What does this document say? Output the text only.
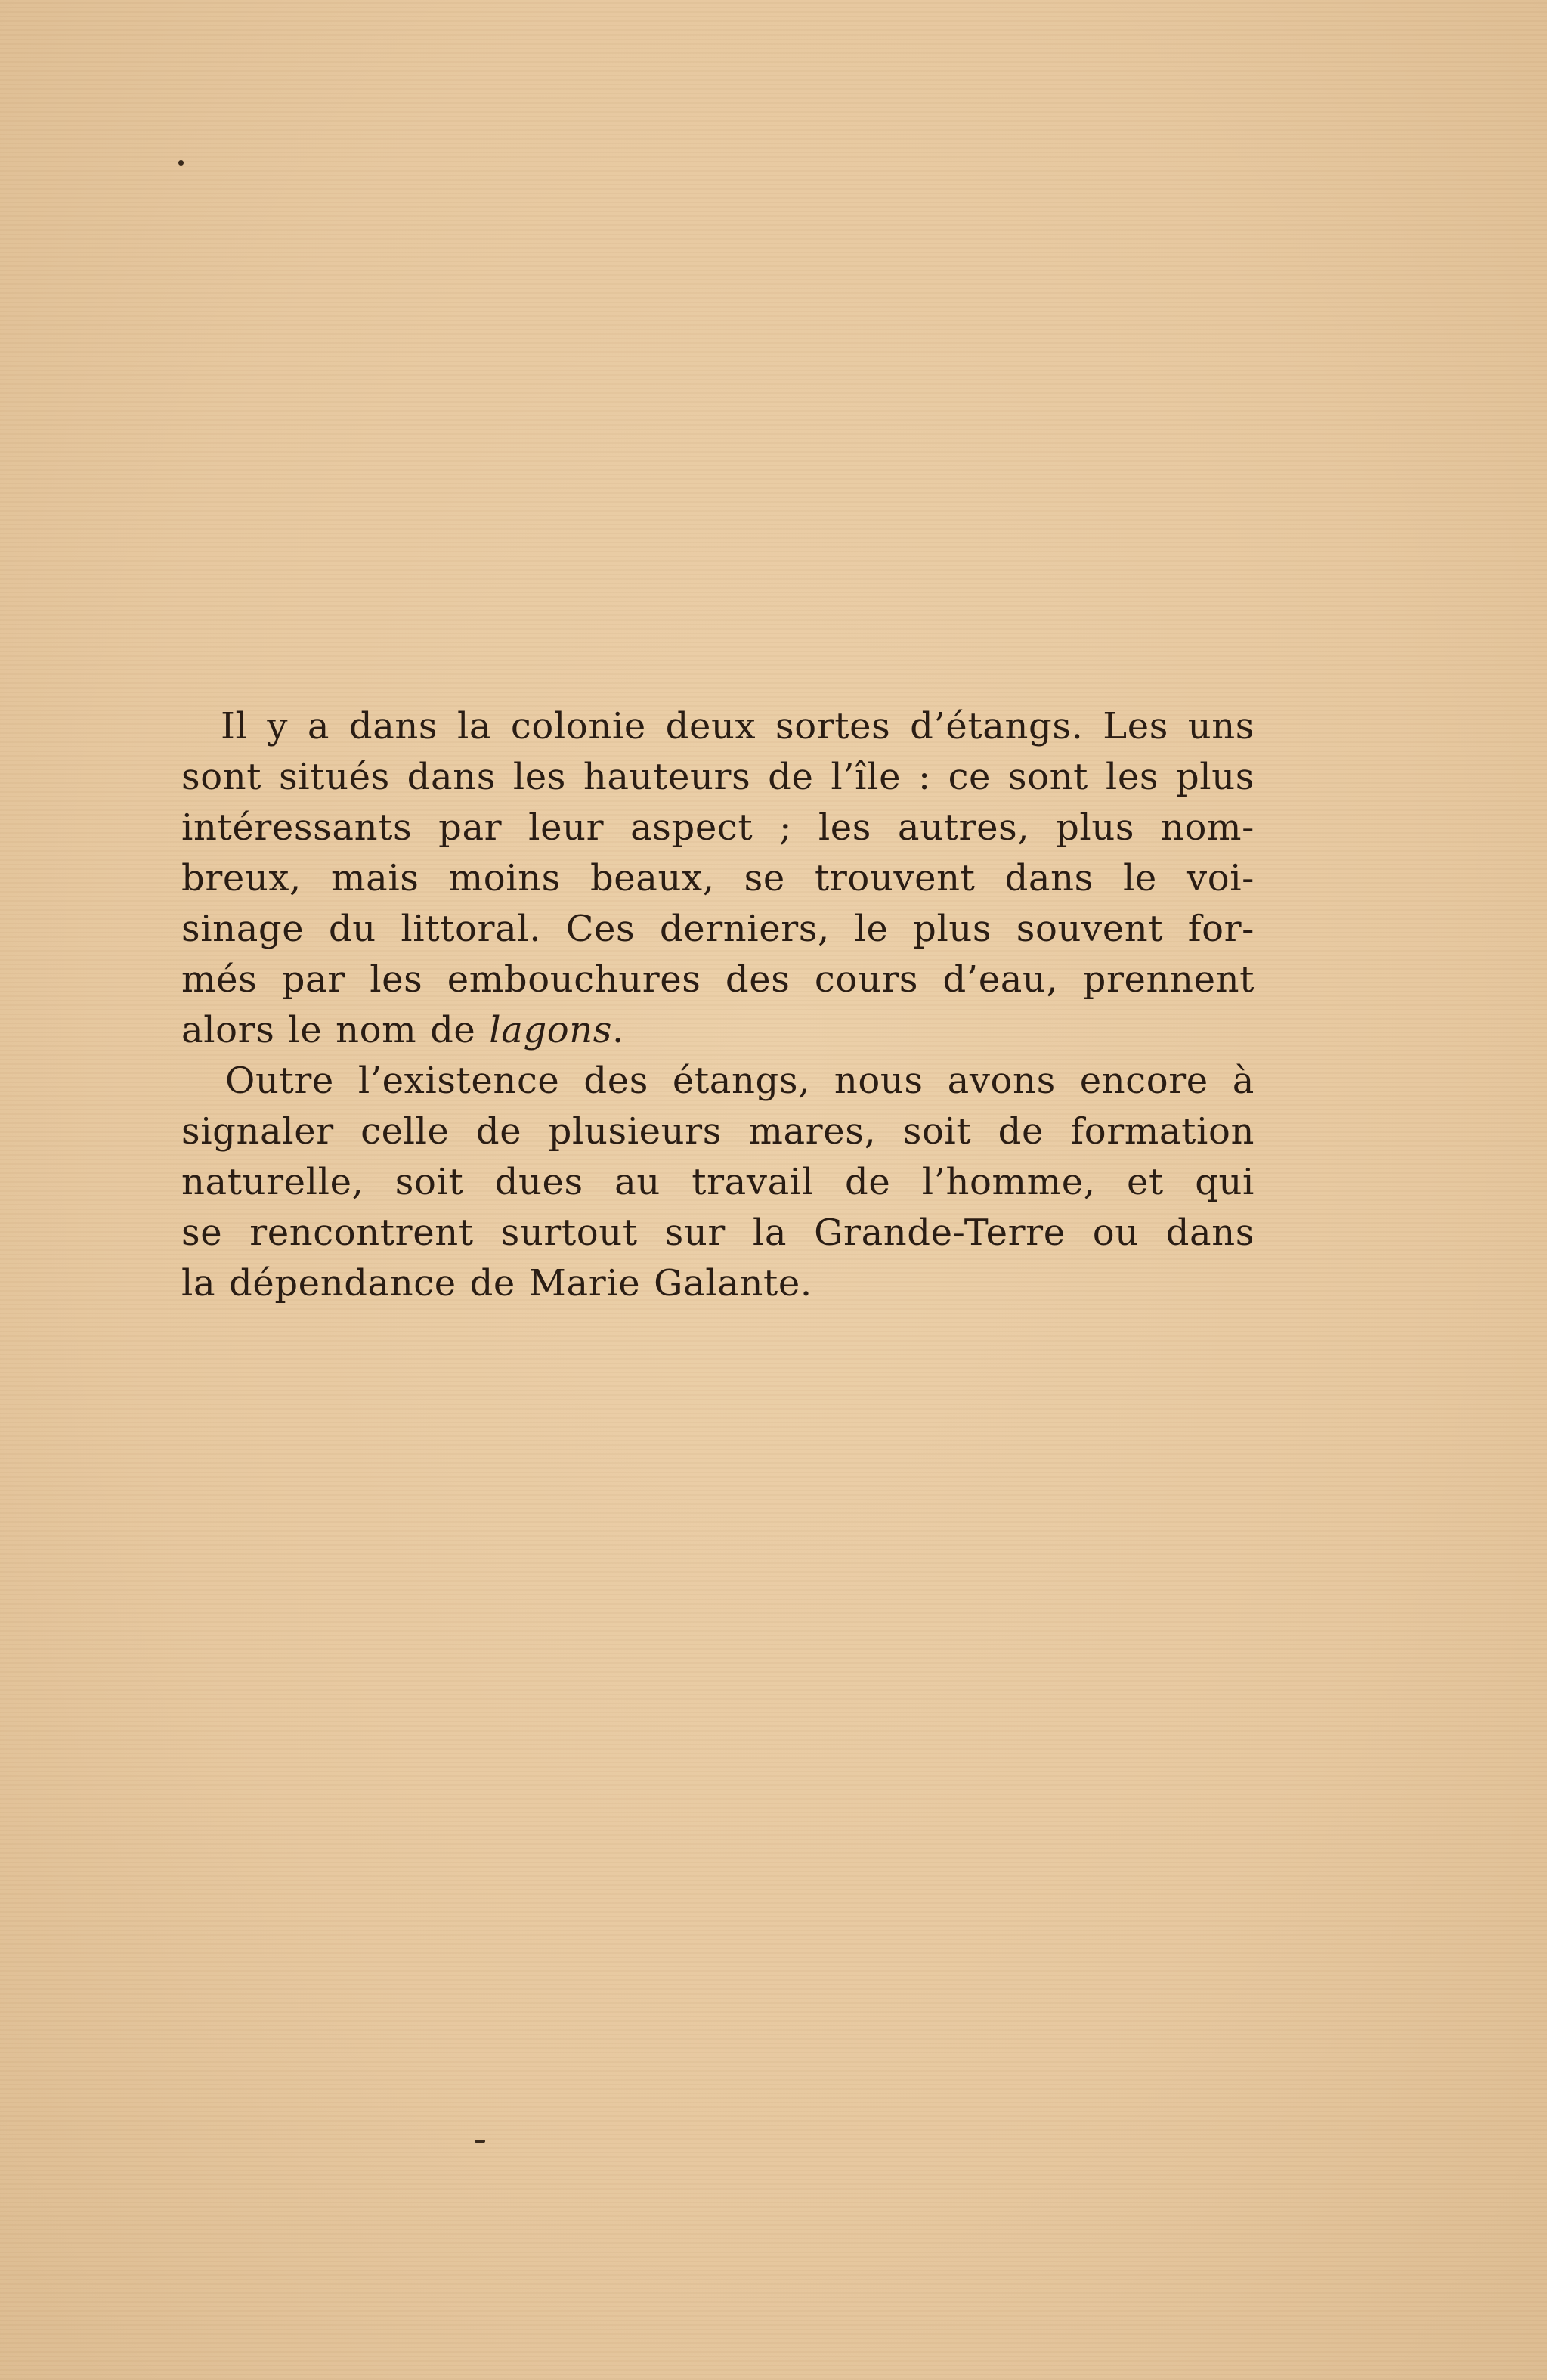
Il y a dans la colonie deux sortes d’étangs. Les uns
sont situés dans les hauteurs de l’île : ce sont les plus
intéressants par leur aspect ; les autres, plus nom-
breux, mais moins beaux, se trouvent dans le voi-
sinage du littoral. Ces derniers, le plus souvent for-
més par les embouchures des cours d’eau, prennent
alors le nom de lagons.

Outre l’existence des étangs, nous avons encore à
signaler celle de plusieurs mares, soit de formation
naturelle, soit dues au travail de l’homme, et qui
se rencontrent surtout sur la Grande-Terre ou dans
la dépendance de Marie Galante.
